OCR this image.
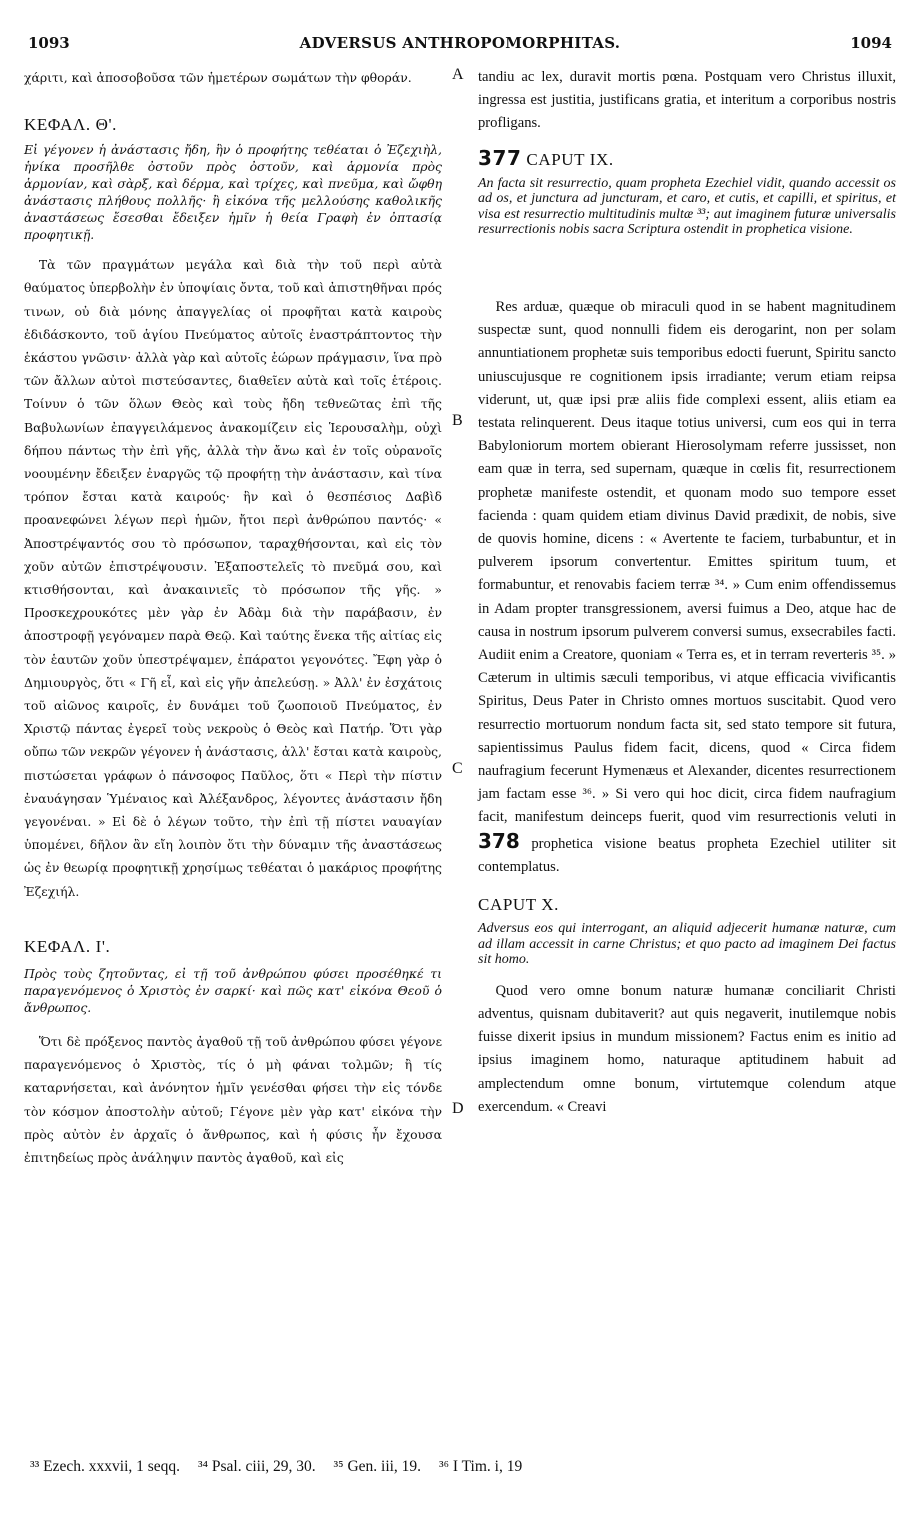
1093	ADVERSUS ANTHROPOMORPHITAS.	1094
A
B
C
D

χάριτι, καὶ ἀποσοβοῦσα τῶν ἡμετέρων σωμάτων τὴν φθοράν.

ΚΕΦΑΛ. Θ'.

Εἰ γέγονεν ἡ ἀνάστασις ἤδη, ἣν ὁ προφήτης τεθέαται ὁ Ἐζεχιὴλ, ἡνίκα προσῆλθε ὀστοῦν πρὸς ὀστοῦν, καὶ ἁρμονία πρὸς ἁρμονίαν, καὶ σὰρξ, καὶ δέρμα, καὶ τρίχες, καὶ πνεῦμα, καὶ ὤφθη ἀνάστασις πλήθους πολλῆς· ἢ εἰκόνα τῆς μελλούσης καθολικῆς ἀναστάσεως ἔσεσθαι ἔδειξεν ἡμῖν ἡ θεία Γραφὴ ἐν ὀπτασίᾳ προφητικῇ.

Τὰ τῶν πραγμάτων μεγάλα καὶ διὰ τὴν τοῦ περὶ αὐτὰ θαύματος ὑπερβολὴν ἐν ὑποψίαις ὄντα, τοῦ καὶ ἀπιστηθῆναι πρός τινων, οὐ διὰ μόνης ἀπαγγελίας οἱ προφῆται κατὰ καιροὺς ἐδιδάσκοντο, τοῦ ἁγίου Πνεύματος αὐτοῖς ἐναστράπτοντος τὴν ἑκάστου γνῶσιν· ἀλλὰ γὰρ καὶ αὐτοῖς ἑώρων πράγμασιν, ἵνα πρὸ τῶν ἄλλων αὐτοὶ πιστεύσαντες, διαθεῖεν αὐτὰ καὶ τοῖς ἑτέροις. Τοίνυν ὁ τῶν ὅλων Θεὸς καὶ τοὺς ἤδη τεθνεῶτας ἐπὶ τῆς Βαβυλωνίων ἐπαγγειλάμενος ἀνακομίζειν εἰς Ἱερουσαλὴμ, οὐχὶ δήπου πάντως τὴν ἐπὶ γῆς, ἀλλὰ τὴν ἄνω καὶ ἐν τοῖς οὐρανοῖς νοουμένην ἔδειξεν ἐναργῶς τῷ προφήτῃ τὴν ἀνάστασιν, καὶ τίνα τρόπον ἔσται κατὰ καιρούς· ἣν καὶ ὁ θεσπέσιος Δαβὶδ προανεφώνει λέγων περὶ ἡμῶν, ἤτοι περὶ ἀνθρώπου παντός· « Ἀποστρέψαντός σου τὸ πρόσωπον, ταραχθήσονται, καὶ εἰς τὸν χοῦν αὐτῶν ἐπιστρέψουσιν. Ἐξαποστελεῖς τὸ πνεῦμά σου, καὶ κτισθήσονται, καὶ ἀνακαινιεῖς τὸ πρόσωπον τῆς γῆς. » Προσκεχρουκότες μὲν γὰρ ἐν Ἀδὰμ διὰ τὴν παράβασιν, ἐν ἀποστροφῇ γεγόναμεν παρὰ Θεῷ. Καὶ ταύτης ἕνεκα τῆς αἰτίας εἰς τὸν ἑαυτῶν χοῦν ὑπεστρέψαμεν, ἐπάρατοι γεγονότες. Ἔφη γὰρ ὁ Δημιουργὸς, ὅτι « Γῆ εἶ, καὶ εἰς γῆν ἀπελεύσῃ. » Ἀλλ' ἐν ἐσχάτοις τοῦ αἰῶνος καιροῖς, ἐν δυνάμει τοῦ ζωοποιοῦ Πνεύματος, ἐν Χριστῷ πάντας ἐγερεῖ τοὺς νεκροὺς ὁ Θεὸς καὶ Πατήρ. Ὅτι γὰρ οὔπω τῶν νεκρῶν γέγονεν ἡ ἀνάστασις, ἀλλ' ἔσται κατὰ καιροὺς, πιστώσεται γράφων ὁ πάνσοφος Παῦλος, ὅτι « Περὶ τὴν πίστιν ἐναυάγησαν Ὑμέναιος καὶ Ἀλέξανδρος, λέγοντες ἀνάστασιν ἤδη γεγονέναι. » Εἰ δὲ ὁ λέγων τοῦτο, τὴν ἐπὶ τῇ πίστει ναυαγίαν ὑπομένει, δῆλον ἂν εἴη λοιπὸν ὅτι τὴν δύναμιν τῆς ἀναστάσεως ὡς ἐν θεωρίᾳ προφητικῇ χρησίμως τεθέαται ὁ μακάριος προφήτης Ἐζεχιήλ.

ΚΕΦΑΛ. Ι'.

Πρὸς τοὺς ζητοῦντας, εἰ τῇ τοῦ ἀνθρώπου φύσει προσέθηκέ τι παραγενόμενος ὁ Χριστὸς ἐν σαρκί· καὶ πῶς κατ' εἰκόνα Θεοῦ ὁ ἄνθρωπος.

Ὅτι δὲ πρόξενος παντὸς ἀγαθοῦ τῇ τοῦ ἀνθρώπου φύσει γέγονε παραγενόμενος ὁ Χριστὸς, τίς ὁ μὴ φάναι τολμῶν; ἢ τίς καταρνήσεται, καὶ ἀνόνητον ἡμῖν γενέσθαι φήσει τὴν εἰς τόνδε τὸν κόσμον ἀποστολὴν αὐτοῦ; Γέγονε μὲν γὰρ κατ' εἰκόνα τὴν πρὸς αὐτὸν ἐν ἀρχαῖς ὁ ἄνθρωπος, καὶ ἡ φύσις ἦν ἔχουσα ἐπιτηδείως πρὸς ἀνάληψιν παντὸς ἀγαθοῦ, καὶ εἰς

tandiu ac lex, duravit mortis pœna. Postquam vero Christus illuxit, ingressa est justitia, justificans gratia, et interitum a corporibus nostris profligans.

377 CAPUT IX.

An facta sit resurrectio, quam propheta Ezechiel vidit, quando accessit os ad os, et junctura ad juncturam, et caro, et cutis, et capilli, et spiritus, et visa est resurrectio multitudinis multæ ³³; aut imaginem futuræ universalis resurrectionis nobis sacra Scriptura ostendit in prophetica visione.

Res arduæ, quæque ob miraculi quod in se habent magnitudinem suspectæ sunt, quod nonnulli fidem eis derogarint, non per solam annuntiationem prophetæ suis temporibus edocti fuerunt, Spiritu sancto uniuscujusque re cognitionem ipsis irradiante; verum etiam reipsa viderunt, ut, quæ ipsi præ aliis fide complexi essent, aliis etiam ea testata relinquerent. Deus itaque totius universi, cum eos qui in terra Babyloniorum mortem obierant Hierosolymam referre jussisset, non eam quæ in terra, sed supernam, quæque in cœlis fit, resurrectionem prophetæ manifeste ostendit, et quonam modo suo tempore esset facienda : quam quidem etiam divinus David prædixit, de nobis, sive de quovis homine, dicens : « Avertente te faciem, turbabuntur, et in pulverem ipsorum convertentur. Emittes spiritum tuum, et formabuntur, et renovabis faciem terræ ³⁴. » Cum enim offendissemus in Adam propter transgressionem, aversi fuimus a Deo, atque hac de causa in nostrum ipsorum pulverem conversi sumus, exsecrabiles facti. Audiit enim a Creatore, quoniam « Terra es, et in terram reverteris ³⁵. » Cæterum in ultimis sæculi temporibus, vi atque efficacia vivificantis Spiritus, Deus Pater in Christo omnes mortuos suscitabit. Quod vero resurrectio mortuorum nondum facta sit, sed stato tempore sit futura, sapientissimus Paulus fidem facit, dicens, quod « Circa fidem naufragium fecerunt Hymenæus et Alexander, dicentes resurrectionem jam factam esse ³⁶. » Si vero qui hoc dicit, circa fidem naufragium facit, manifestum deinceps fuerit, quod vim resurrectionis veluti in 378 prophetica visione beatus propheta Ezechiel utiliter sit contemplatus.

CAPUT X.

Adversus eos qui interrogant, an aliquid adjecerit humanæ naturæ, cum ad illam accessit in carne Christus; et quo pacto ad imaginem Dei factus sit homo.

Quod vero omne bonum naturæ humanæ conciliarit Christi adventus, quisnam dubitaverit? aut quis negaverit, inutilemque nobis fuisse dixerit ipsius in mundum missionem? Factus enim es initio ad ipsius imaginem homo, naturaque aptitudinem habuit ad amplectendum omne bonum, virtutemque colendum atque exercendum. « Creavi

³³ Ezech. xxxvii, 1 seqq. ³⁴ Psal. ciii, 29, 30. ³⁵ Gen. iii, 19. ³⁶ I Tim. i, 19
